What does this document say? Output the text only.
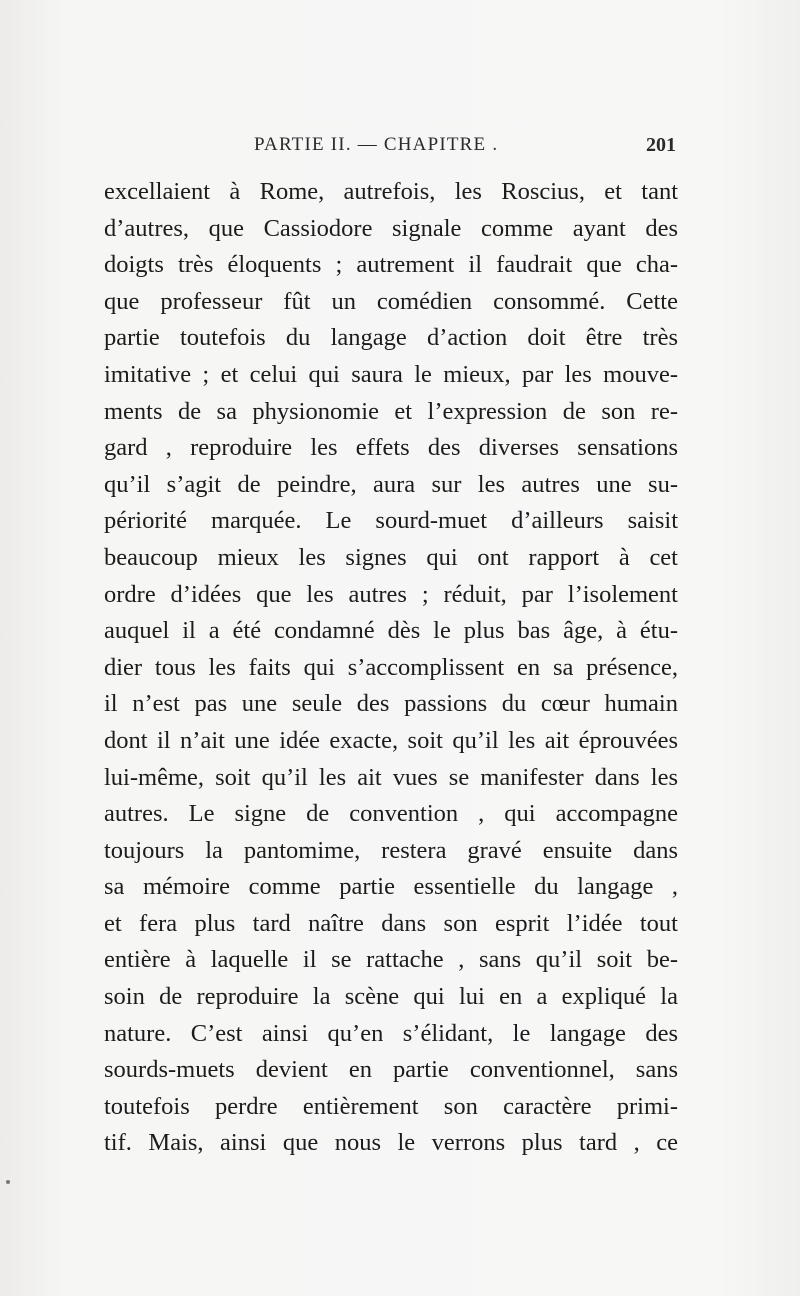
PARTIE II. — CHAPITRE .	201
excellaient à Rome, autrefois, les Roscius, et tant
d’autres, que Cassiodore signale comme ayant des
doigts très éloquents ; autrement il faudrait que cha-
que professeur fût un comédien consommé. Cette
partie toutefois du langage d’action doit être très
imitative ; et celui qui saura le mieux, par les mouve-
ments de sa physionomie et l’expression de son re-
gard , reproduire les effets des diverses sensations
qu’il s’agit de peindre, aura sur les autres une su-
périorité marquée. Le sourd-muet d’ailleurs saisit
beaucoup mieux les signes qui ont rapport à cet
ordre d’idées que les autres ; réduit, par l’isolement
auquel il a été condamné dès le plus bas âge, à étu-
dier tous les faits qui s’accomplissent en sa présence,
il n’est pas une seule des passions du cœur humain
dont il n’ait une idée exacte, soit qu’il les ait éprouvées
lui-même, soit qu’il les ait vues se manifester dans les
autres. Le signe de convention , qui accompagne
toujours la pantomime, restera gravé ensuite dans
sa mémoire comme partie essentielle du langage ,
et fera plus tard naître dans son esprit l’idée tout
entière à laquelle il se rattache , sans qu’il soit be-
soin de reproduire la scène qui lui en a expliqué la
nature. C’est ainsi qu’en s’élidant, le langage des
sourds-muets devient en partie conventionnel, sans
toutefois perdre entièrement son caractère primi-
tif. Mais, ainsi que nous le verrons plus tard , ce
